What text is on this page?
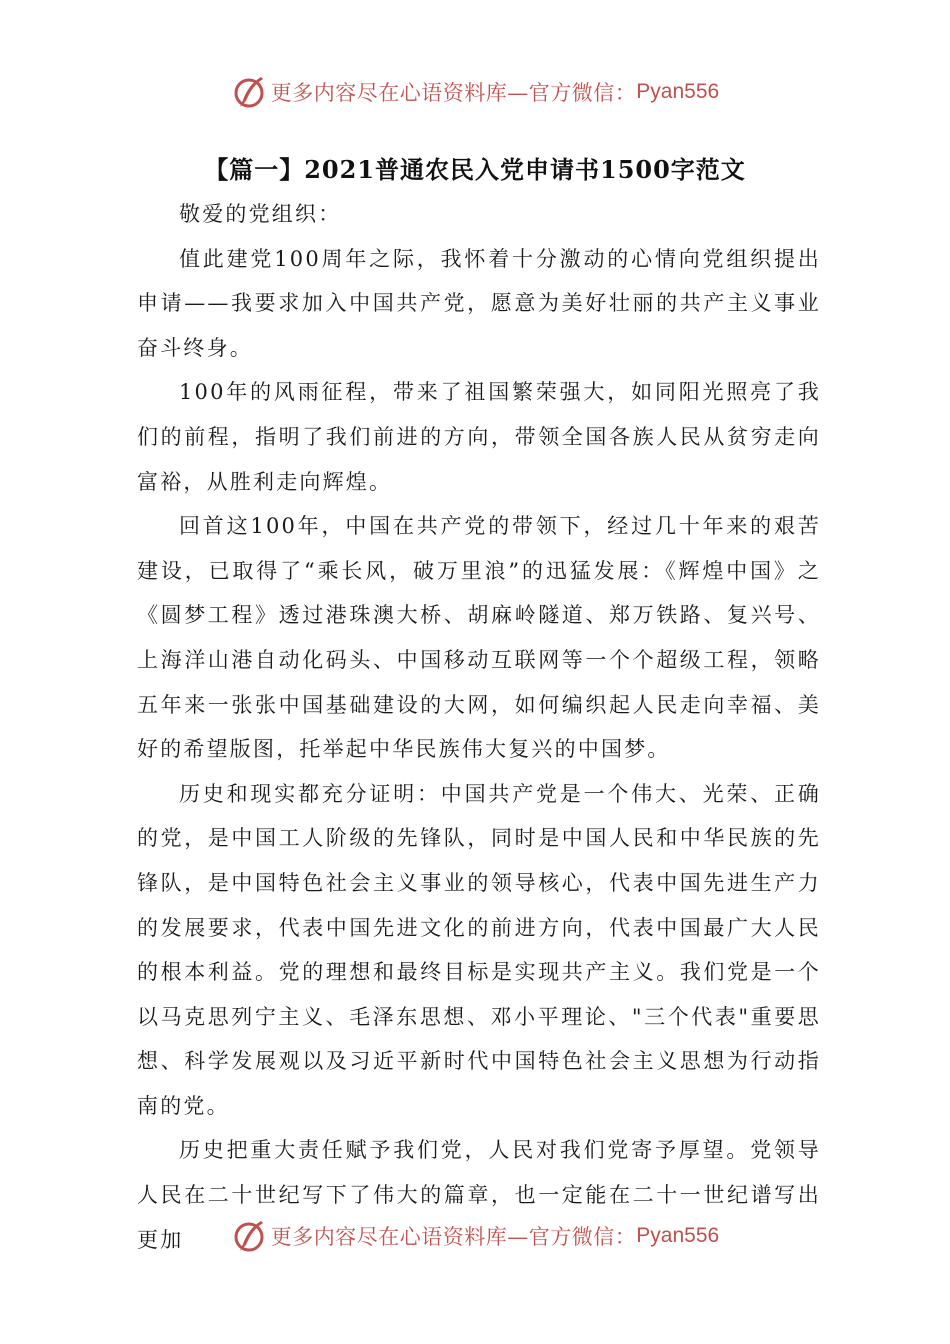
更多内容尽在心语资料库—官方微信： Pyan556
【篇一】2021普通农民入党申请书1500字范文

敬爱的党组织：

值此建党100周年之际，我怀着十分激动的心情向党组织提出申请——我要求加入中国共产党，愿意为美好壮丽的共产主义事业奋斗终身。

100年的风雨征程，带来了祖国繁荣强大，如同阳光照亮了我们的前程，指明了我们前进的方向，带领全国各族人民从贫穷走向富裕，从胜利走向辉煌。

回首这100年，中国在共产党的带领下，经过几十年来的艰苦建设，已取得了“乘长风，破万里浪”的迅猛发展：《辉煌中国》之《圆梦工程》透过港珠澳大桥、胡麻岭隧道、郑万铁路、复兴号、上海洋山港自动化码头、中国移动互联网等一个个超级工程，领略五年来一张张中国基础建设的大网，如何编织起人民走向幸福、美好的希望版图，托举起中华民族伟大复兴的中国梦。

历史和现实都充分证明：中国共产党是一个伟大、光荣、正确的党，是中国工人阶级的先锋队，同时是中国人民和中华民族的先锋队，是中国特色社会主义事业的领导核心，代表中国先进生产力的发展要求，代表中国先进文化的前进方向，代表中国最广大人民的根本利益。党的理想和最终目标是实现共产主义。我们党是一个以马克思列宁主义、毛泽东思想、邓小平理论、"三个代表"重要思想、科学发展观以及习近平新时代中国特色社会主义思想为行动指南的党。

历史把重大责任赋予我们党，人民对我们党寄予厚望。党领导人民在二十世纪写下了伟大的篇章，也一定能在二十一世纪谱写出更加	更多内容尽在心语资料库—官方微信： Pyan556
